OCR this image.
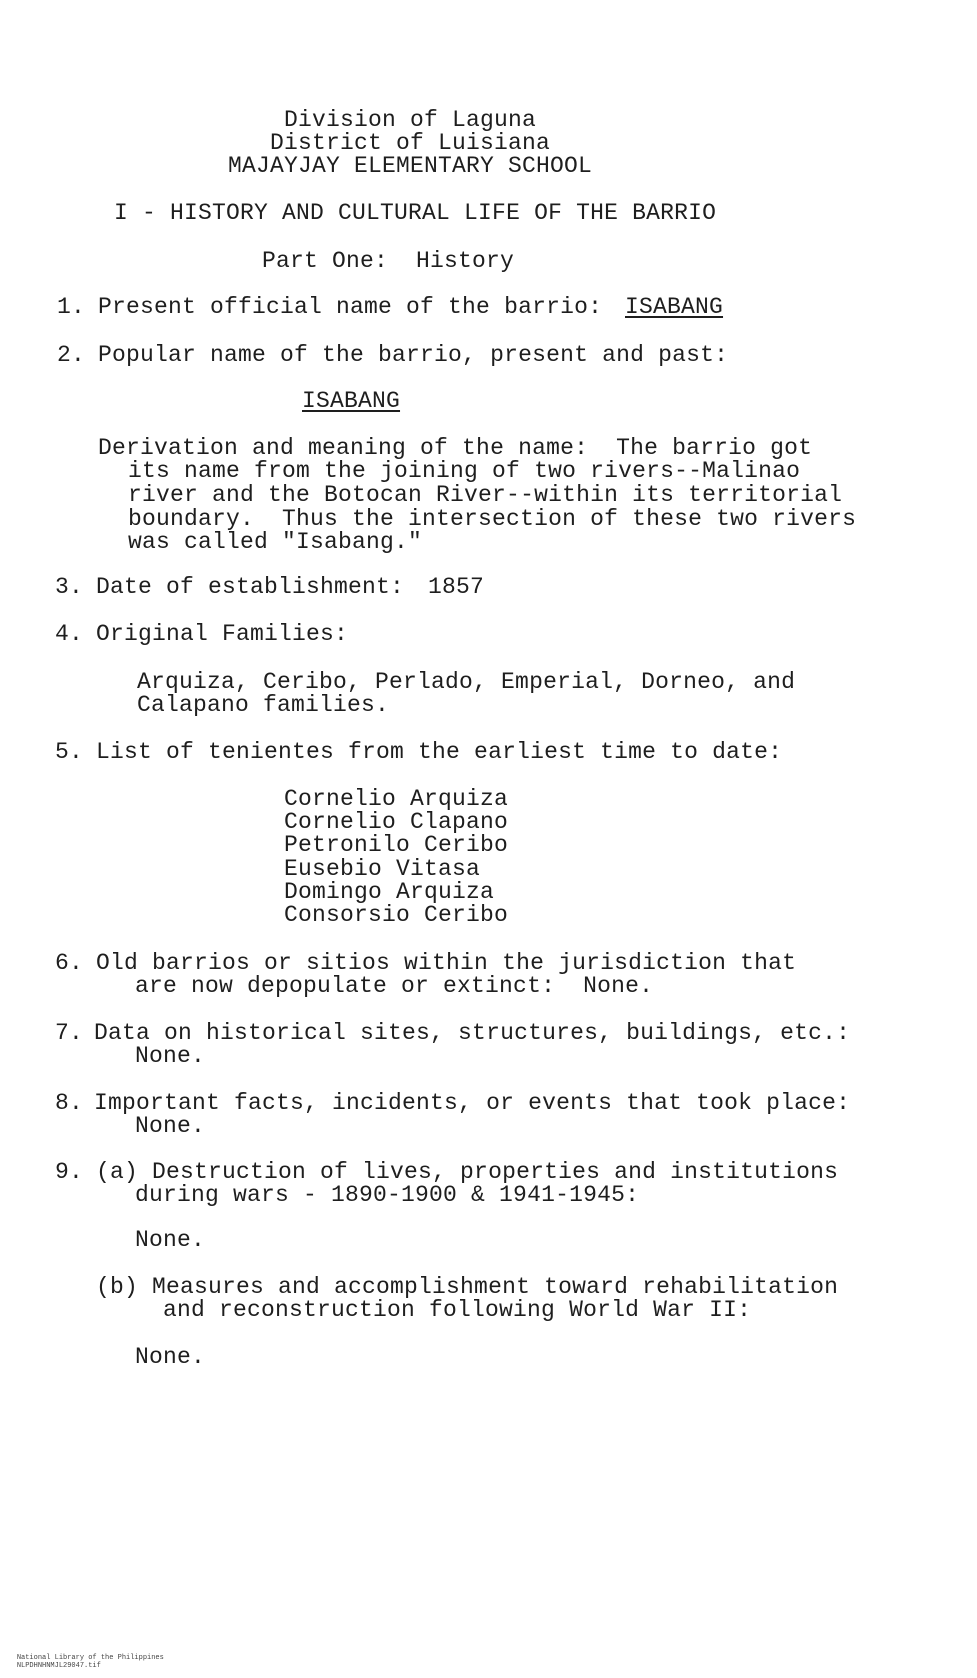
Division of Laguna
District of Luisiana
MAJAYJAY ELEMENTARY SCHOOL
I - HISTORY AND CULTURAL LIFE OF THE BARRIO
Part One:  History
1. Present official name of the barrio: ISABANG
2. Popular name of the barrio, present and past:
ISABANG
Derivation and meaning of the name:  The barrio got
its name from the joining of two rivers--Malinao
river and the Botocan River--within its territorial
boundary.  Thus the intersection of these two rivers
was called "Isabang."
3. Date of establishment: 1857
4. Original Families:
Arquiza, Ceribo, Perlado, Emperial, Dorneo, and
Calapano families.
5. List of tenientes from the earliest time to date:
Cornelio Arquiza
Cornelio Clapano
Petronilo Ceribo
Eusebio Vitasa
Domingo Arquiza
Consorsio Ceribo
6. Old barrios or sitios within the jurisdiction that
are now depopulate or extinct:  None.
7. Data on historical sites, structures, buildings, etc.:
None.
8. Important facts, incidents, or events that took place:
None.
9. (a) Destruction of lives, properties and institutions
during wars - 1890-1900 & 1941-1945:
None.
(b) Measures and accomplishment toward rehabilitation
and reconstruction following World War II:
None.

National Library of the Philippines
NLPDHNHNMJL29047.tif
